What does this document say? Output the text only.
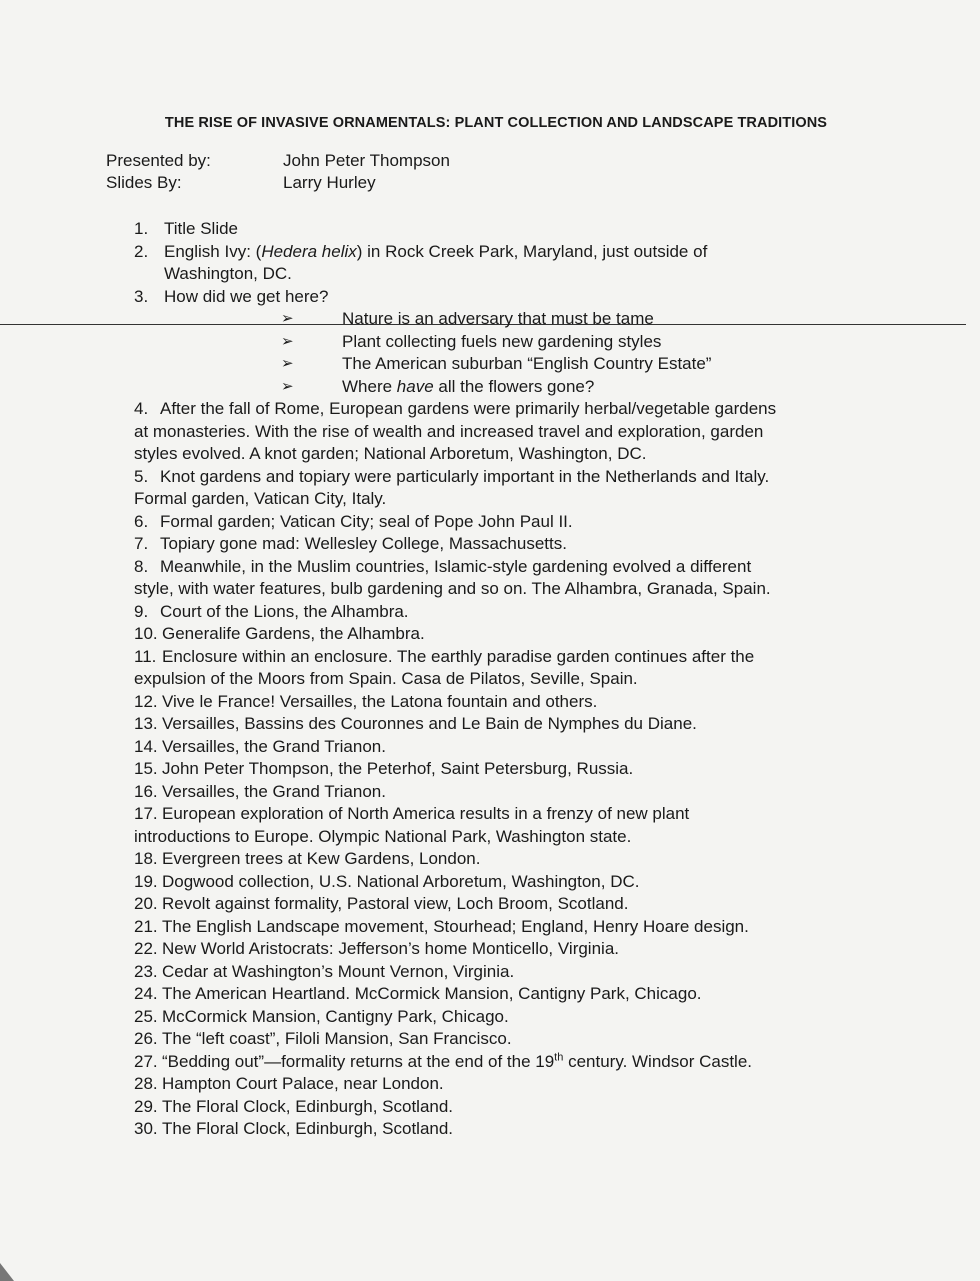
THE RISE OF INVASIVE ORNAMENTALS: PLANT COLLECTION AND LANDSCAPE TRADITIONS
Presented by:	John Peter Thompson
Slides By:	Larry Hurley
1. Title Slide
2. English Ivy: (Hedera helix) in Rock Creek Park, Maryland, just outside of
Washington, DC.
3. How did we get here?
➢	Nature is an adversary that must be tame
➢	Plant collecting fuels new gardening styles
➢	The American suburban “English Country Estate”
➢	Where have all the flowers gone?
4. After the fall of Rome, European gardens were primarily herbal/vegetable gardens
at monasteries. With the rise of wealth and increased travel and exploration, garden
styles evolved. A knot garden; National Arboretum, Washington, DC.
5. Knot gardens and topiary were particularly important in the Netherlands and Italy.
Formal garden, Vatican City, Italy.
6. Formal garden; Vatican City; seal of Pope John Paul II.
7. Topiary gone mad: Wellesley College, Massachusetts.
8. Meanwhile, in the Muslim countries, Islamic-style gardening evolved a different
style, with water features, bulb gardening and so on. The Alhambra, Granada, Spain.
9. Court of the Lions, the Alhambra.
10. Generalife Gardens, the Alhambra.
11. Enclosure within an enclosure. The earthly paradise garden continues after the
expulsion of the Moors from Spain. Casa de Pilatos, Seville, Spain.
12. Vive le France! Versailles, the Latona fountain and others.
13. Versailles, Bassins des Couronnes and Le Bain de Nymphes du Diane.
14. Versailles, the Grand Trianon.
15. John Peter Thompson, the Peterhof, Saint Petersburg, Russia.
16. Versailles, the Grand Trianon.
17. European exploration of North America results in a frenzy of new plant
introductions to Europe. Olympic National Park, Washington state.
18. Evergreen trees at Kew Gardens, London.
19. Dogwood collection, U.S. National Arboretum, Washington, DC.
20. Revolt against formality, Pastoral view, Loch Broom, Scotland.
21. The English Landscape movement, Stourhead; England, Henry Hoare design.
22. New World Aristocrats: Jefferson’s home Monticello, Virginia.
23. Cedar at Washington’s Mount Vernon, Virginia.
24. The American Heartland. McCormick Mansion, Cantigny Park, Chicago.
25. McCormick Mansion, Cantigny Park, Chicago.
26. The “left coast”, Filoli Mansion, San Francisco.
27. “Bedding out”—formality returns at the end of the 19th century. Windsor Castle.
28. Hampton Court Palace, near London.
29. The Floral Clock, Edinburgh, Scotland.
30. The Floral Clock, Edinburgh, Scotland.
